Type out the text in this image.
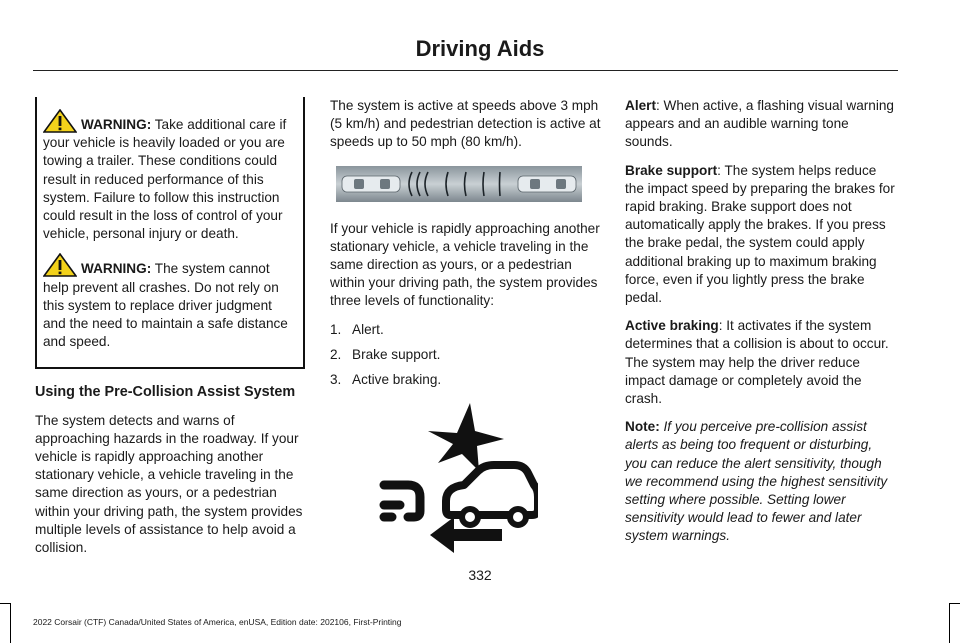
Driving Aids

WARNING: Take additional care if your vehicle is heavily loaded or you are towing a trailer. These conditions could result in reduced performance of this system. Failure to follow this instruction could result in the loss of control of your vehicle, personal injury or death.

WARNING: The system cannot help prevent all crashes. Do not rely on this system to replace driver judgment and the need to maintain a safe distance and speed.

Using the Pre-Collision Assist System

The system detects and warns of approaching hazards in the roadway. If your vehicle is rapidly approaching another stationary vehicle, a vehicle traveling in the same direction as yours, or a pedestrian within your driving path, the system provides multiple levels of assistance to help avoid a collision.

The system is active at speeds above 3 mph (5 km/h) and pedestrian detection is active at speeds up to 50 mph (80 km/h).

If your vehicle is rapidly approaching another stationary vehicle, a vehicle traveling in the same direction as yours, or a pedestrian within your driving path, the system provides three levels of functionality:

1. Alert.
2. Brake support.
3. Active braking.

Alert: When active, a flashing visual warning appears and an audible warning tone sounds.

Brake support: The system helps reduce the impact speed by preparing the brakes for rapid braking. Brake support does not automatically apply the brakes. If you press the brake pedal, the system could apply additional braking up to maximum braking force, even if you lightly press the brake pedal.

Active braking: It activates if the system determines that a collision is about to occur. The system may help the driver reduce impact damage or completely avoid the crash.

Note: If you perceive pre-collision assist alerts as being too frequent or disturbing, you can reduce the alert sensitivity, though we recommend using the highest sensitivity setting where possible. Setting lower sensitivity would lead to fewer and later system warnings.

332
2022 Corsair (CTF) Canada/United States of America, enUSA, Edition date: 202106, First-Printing
